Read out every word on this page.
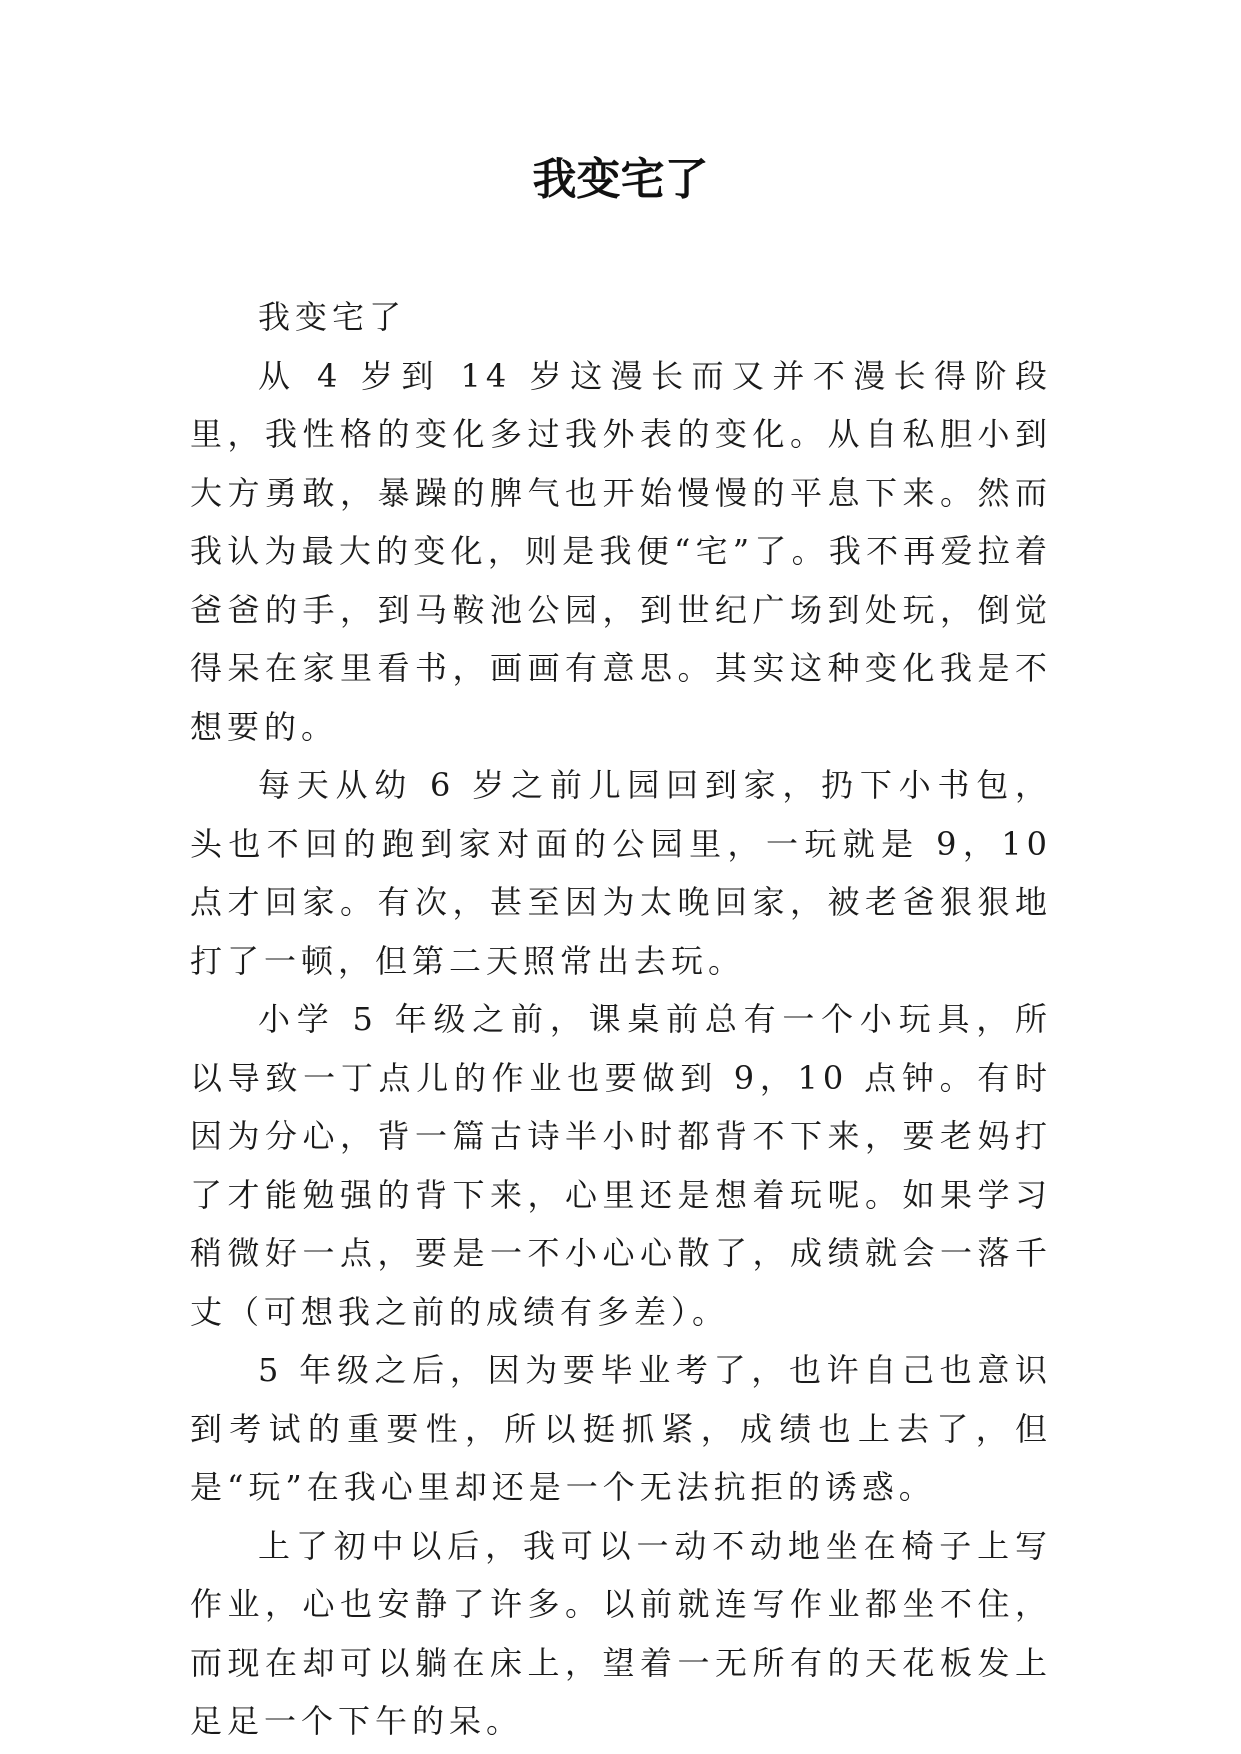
我变宅了

我变宅了

从 4 岁到 14 岁这漫长而又并不漫长得阶段里，我性格的变化多过我外表的变化。从自私胆小到大方勇敢，暴躁的脾气也开始慢慢的平息下来。然而我认为最大的变化，则是我便“宅”了。我不再爱拉着爸爸的手，到马鞍池公园，到世纪广场到处玩，倒觉得呆在家里看书，画画有意思。其实这种变化我是不想要的。

每天从幼 6 岁之前儿园回到家，扔下小书包，头也不回的跑到家对面的公园里，一玩就是 9，10 点才回家。有次，甚至因为太晚回家，被老爸狠狠地打了一顿，但第二天照常出去玩。

小学 5 年级之前，课桌前总有一个小玩具，所以导致一丁点儿的作业也要做到 9，10 点钟。有时因为分心，背一篇古诗半小时都背不下来，要老妈打了才能勉强的背下来，心里还是想着玩呢。如果学习稍微好一点，要是一不小心心散了，成绩就会一落千丈（可想我之前的成绩有多差）。

5 年级之后，因为要毕业考了，也许自己也意识到考试的重要性，所以挺抓紧，成绩也上去了，但是“玩”在我心里却还是一个无法抗拒的诱惑。

上了初中以后，我可以一动不动地坐在椅子上写作业，心也安静了许多。以前就连写作业都坐不住，而现在却可以躺在床上，望着一无所有的天花板发上足足一个下午的呆。
